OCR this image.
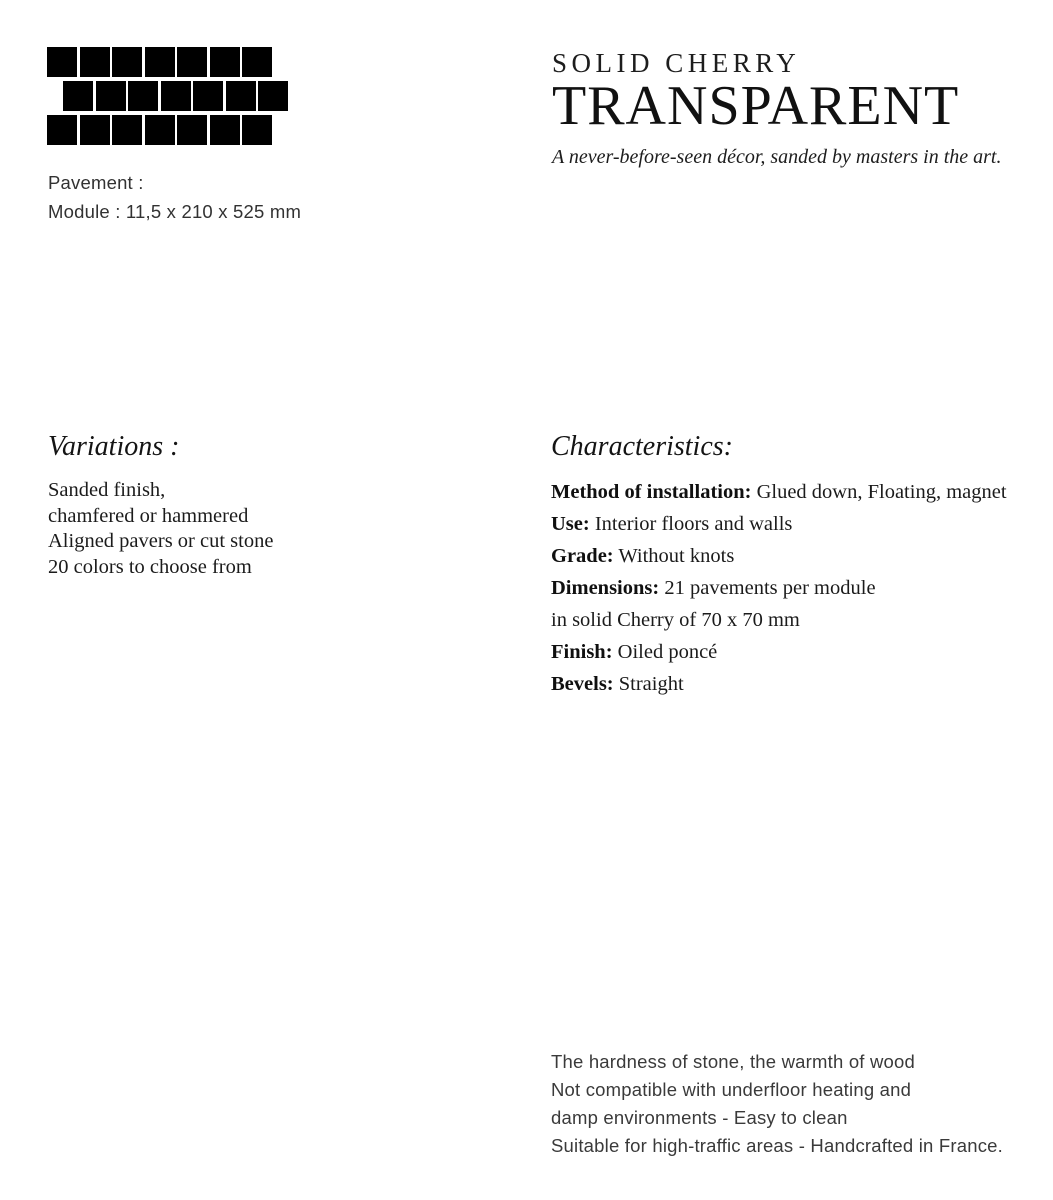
Pavement :
Module : 11,5 x 210 x 525 mm
SOLID CHERRY
TRANSPARENT
A never-before-seen décor, sanded by masters in the art.
Variations :
Sanded finish,
chamfered or hammered
Aligned pavers or cut stone
20 colors to choose from
Characteristics:
Method of installation: Glued down, Floating, magnet
Use: Interior floors and walls
Grade: Without knots
Dimensions: 21 pavements per module
in solid Cherry of 70 x 70 mm
Finish: Oiled poncé
Bevels: Straight
The hardness of stone, the warmth of wood
Not compatible with underfloor heating and
damp environments - Easy to clean
Suitable for high-traffic areas - Handcrafted in France.
